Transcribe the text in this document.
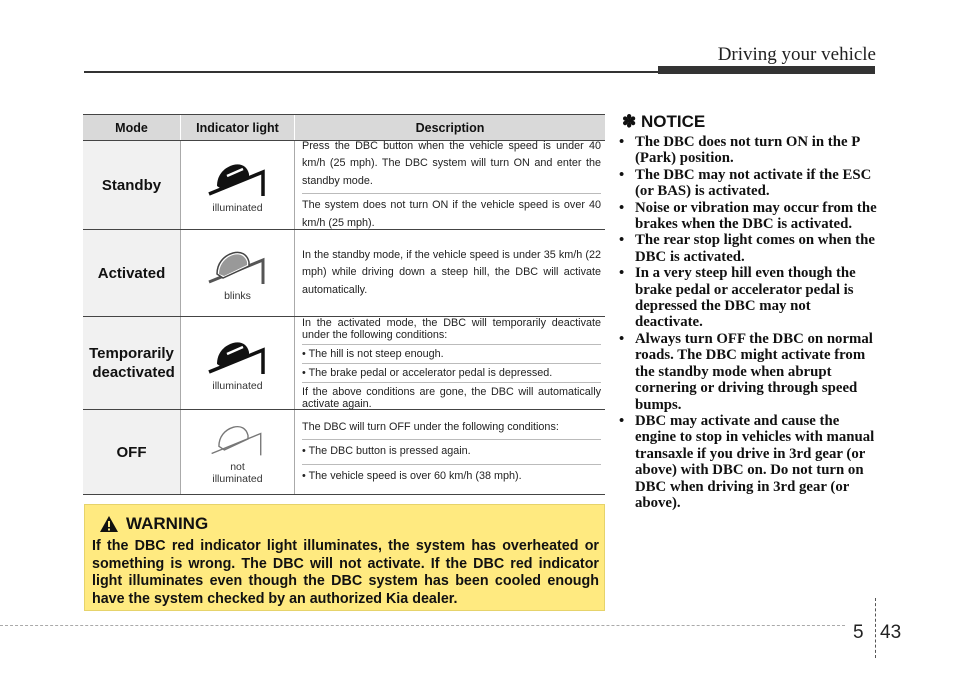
Driving your vehicle
Mode	Indicator light	Description
Standby
illuminated

Press the DBC button when the vehicle speed is under 40 km/h (25 mph). The DBC system will turn ON and enter the standby mode.

The system does not turn ON if the vehicle speed is over 40 km/h (25 mph).

Activated
blinks

In the standby mode, if the vehicle speed is under 35 km/h (22 mph) while driving down a steep hill, the DBC will activate automatically.

Temporarily
deactivated
illuminated

In the activated mode, the DBC will temporarily deactivate under the following conditions:

• The hill is not steep enough.

• The brake pedal or accelerator pedal is depressed.

If the above conditions are gone, the DBC will automatically activate again.

OFF
not
illuminated

The DBC will turn OFF under the following conditions:

• The DBC button is pressed again.

• The vehicle speed is over 60 km/h (38 mph).

WARNING
If the DBC red indicator light illuminates, the system has overheated or something is wrong. The DBC will not activate. If the DBC red indicator light illuminates even though the DBC system has been cooled enough have the system checked by an authorized Kia dealer.
✽ NOTICE
• The DBC does not turn ON in the P (Park) position.
• The DBC may not activate if the ESC (or BAS) is activated.
• Noise or vibration may occur from the brakes when the DBC is activated.
• The rear stop light comes on when the DBC is activated.
• In a very steep hill even though the brake pedal or accelerator pedal is depressed the DBC may not deactivate.
• Always turn OFF the DBC on normal roads. The DBC might activate from the standby mode when abrupt cornering or driving through speed bumps.
• DBC may activate and cause the engine to stop in vehicles with manual transaxle if you drive in 3rd gear (or above) with DBC on. Do not turn on DBC when driving in 3rd gear (or above).
5 43
